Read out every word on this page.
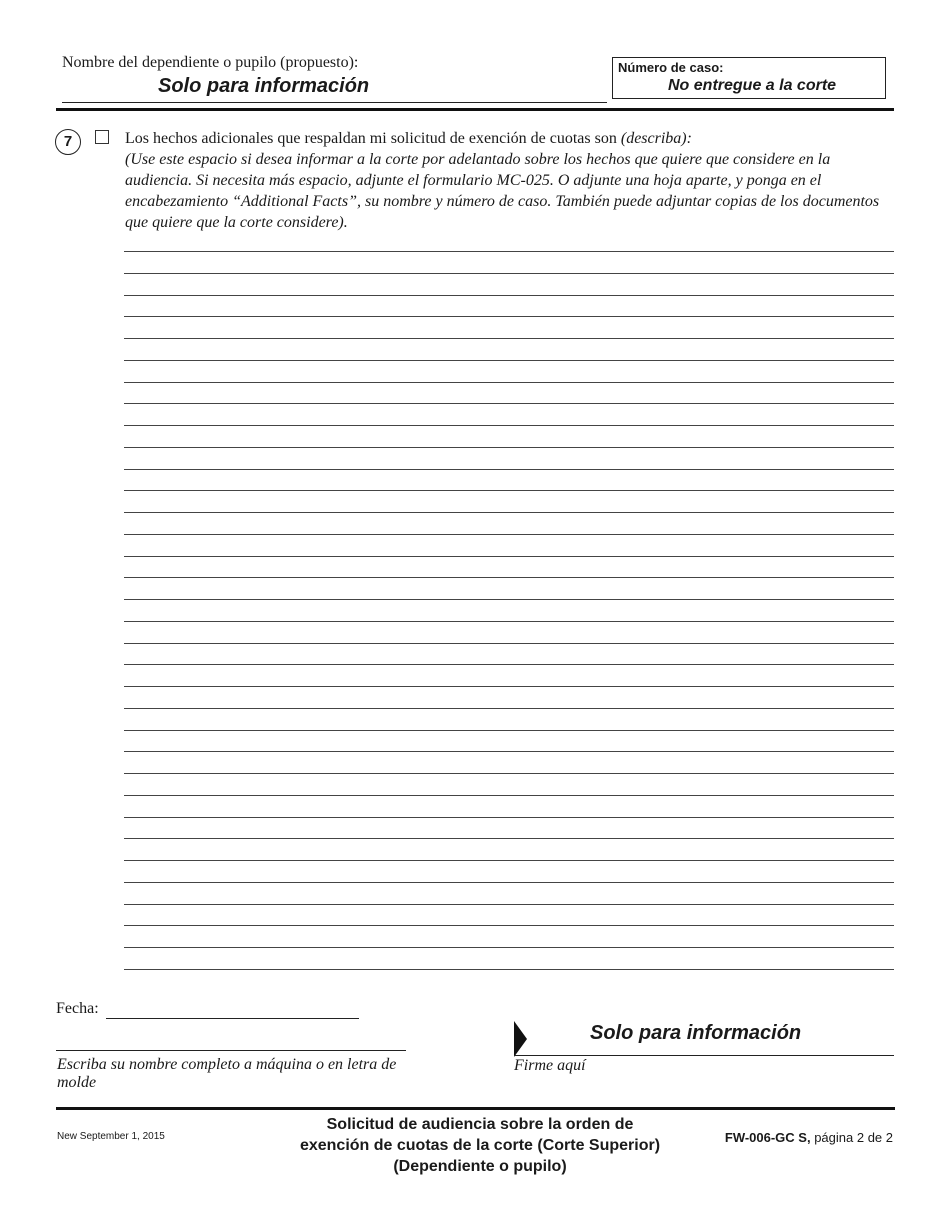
Nombre del dependiente o pupilo (propuesto):
Solo para información
Número de caso:
No entregue a la corte
7	Los hechos adicionales que respaldan mi solicitud de exención de cuotas son (describa):
(Use este espacio si desea informar a la corte por adelantado sobre los hechos que quiere que considere en la audiencia. Si necesita más espacio, adjunte el formulario MC-025. O adjunte una hoja aparte, y ponga en el encabezamiento “Additional Facts”, su nombre y número de caso. También puede adjuntar copias de los documentos que quiere que la corte considere).
Fecha:
Escriba su nombre completo a máquina o en letra de molde
Solo para información
Firme aquí
New September 1, 2015
Solicitud de audiencia sobre la orden de
exención de cuotas de la corte (Corte Superior)
(Dependiente o pupilo)
FW-006-GC S, página 2 de 2
